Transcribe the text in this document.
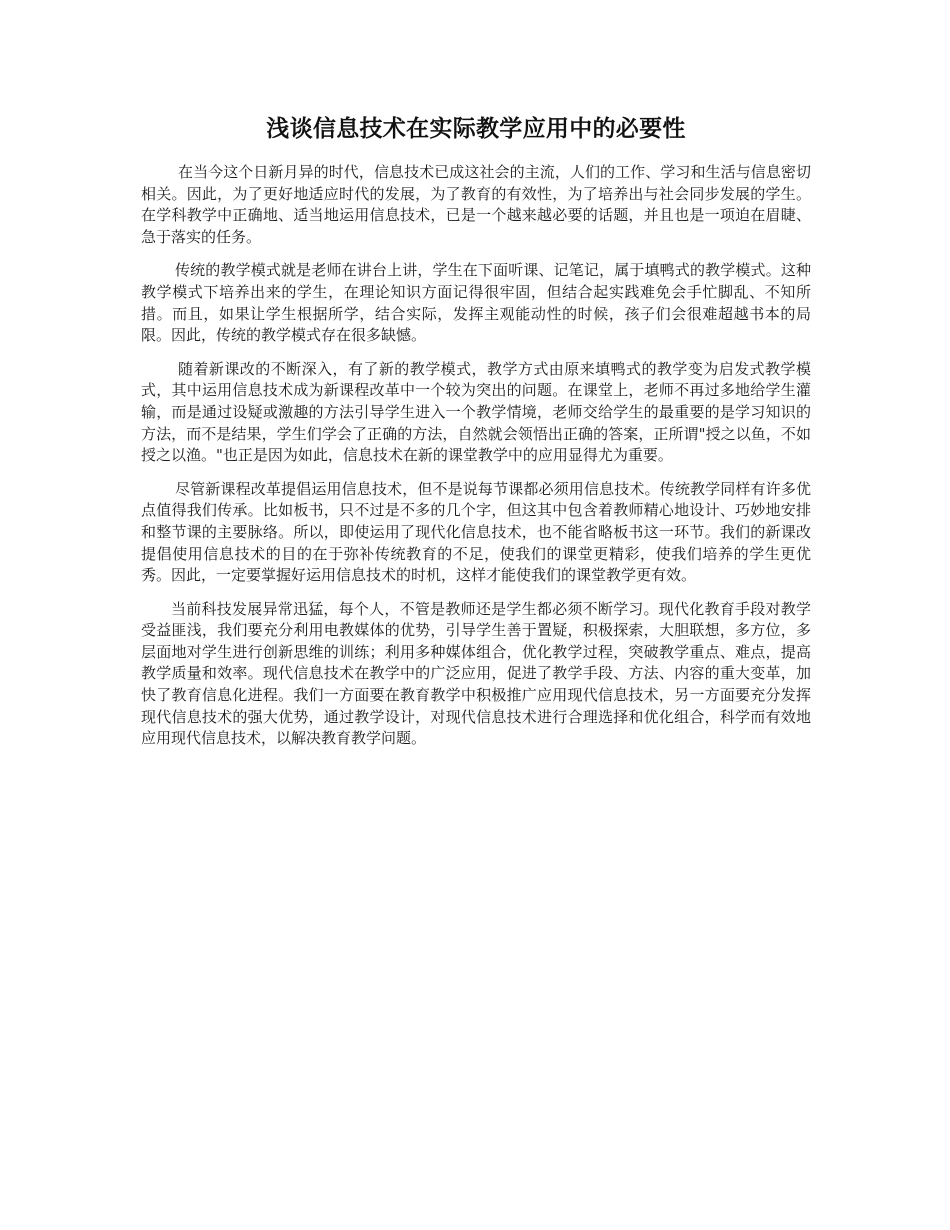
浅谈信息技术在实际教学应用中的必要性

在当今这个日新月异的时代，信息技术已成这社会的主流，人们的工作、学习和生活与信息密切相关。因此，为了更好地适应时代的发展，为了教育的有效性，为了培养出与社会同步发展的学生。在学科教学中正确地、适当地运用信息技术，已是一个越来越必要的话题，并且也是一项迫在眉睫、急于落实的任务。

传统的教学模式就是老师在讲台上讲，学生在下面听课、记笔记，属于填鸭式的教学模式。这种教学模式下培养出来的学生，在理论知识方面记得很牢固，但结合起实践难免会手忙脚乱、不知所措。而且，如果让学生根据所学，结合实际，发挥主观能动性的时候，孩子们会很难超越书本的局限。因此，传统的教学模式存在很多缺憾。

随着新课改的不断深入，有了新的教学模式，教学方式由原来填鸭式的教学变为启发式教学模式，其中运用信息技术成为新课程改革中一个较为突出的问题。在课堂上，老师不再过多地给学生灌输，而是通过设疑或激趣的方法引导学生进入一个教学情境，老师交给学生的最重要的是学习知识的方法，而不是结果，学生们学会了正确的方法，自然就会领悟出正确的答案，正所谓"授之以鱼，不如授之以渔。"也正是因为如此，信息技术在新的课堂教学中的应用显得尤为重要。

尽管新课程改革提倡运用信息技术，但不是说每节课都必须用信息技术。传统教学同样有许多优点值得我们传承。比如板书，只不过是不多的几个字，但这其中包含着教师精心地设计、巧妙地安排和整节课的主要脉络。所以，即使运用了现代化信息技术，也不能省略板书这一环节。我们的新课改提倡使用信息技术的目的在于弥补传统教育的不足，使我们的课堂更精彩，使我们培养的学生更优秀。因此，一定要掌握好运用信息技术的时机，这样才能使我们的课堂教学更有效。

当前科技发展异常迅猛，每个人，不管是教师还是学生都必须不断学习。现代化教育手段对教学受益匪浅，我们要充分利用电教媒体的优势，引导学生善于置疑，积极探索，大胆联想，多方位，多层面地对学生进行创新思维的训练；利用多种媒体组合，优化教学过程，突破教学重点、难点，提高教学质量和效率。现代信息技术在教学中的广泛应用，促进了教学手段、方法、内容的重大变革，加快了教育信息化进程。我们一方面要在教育教学中积极推广应用现代信息技术，另一方面要充分发挥现代信息技术的强大优势，通过教学设计，对现代信息技术进行合理选择和优化组合，科学而有效地应用现代信息技术，以解决教育教学问题。
